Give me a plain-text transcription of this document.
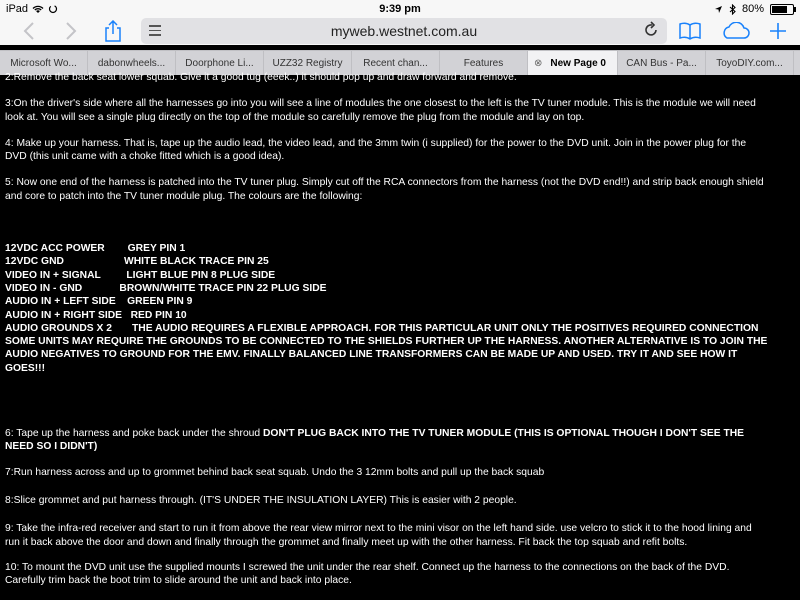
iPad	9:39 pm	80%
myweb.westnet.com.au
Microsoft Wo... dabonwheels... Doorphone Li... UZZ32 Registry Recent chan...	Features	⊗ New Page 0 CAN Bus - Pa... ToyoDIY.com...

2:Remove the back seat lower squab. Give it a good tug (eeek..) it should pop up and draw forward and remove.

3:On the driver's side where all the harnesses go into you will see a line of modules the one closest to the left is the TV tuner module. This is the module we will need

look at. You will see a single plug directly on the top of the module so carefully remove the plug from the module and lay on top.

4: Make up your harness. That is, tape up the audio lead, the video lead, and the 3mm twin (i supplied) for the power to the DVD unit. Join in the power plug for the

DVD (this unit came with a choke fitted which is a good idea).

5: Now one end of the harness is patched into the TV tuner plug. Simply cut off the RCA connectors from the harness (not the DVD end!!) and strip back enough shield

and core to patch into the TV tuner module plug. The colours are the following:

12VDC ACC POWER        GREY PIN 1

12VDC GND                     WHITE BLACK TRACE PIN 25

VIDEO IN + SIGNAL         LIGHT BLUE PIN 8 PLUG SIDE

VIDEO IN - GND             BROWN/WHITE TRACE PIN 22 PLUG SIDE

AUDIO IN + LEFT SIDE    GREEN PIN 9

AUDIO IN + RIGHT SIDE   RED PIN 10

AUDIO GROUNDS X 2       THE AUDIO REQUIRES A FLEXIBLE APPROACH. FOR THIS PARTICULAR UNIT ONLY THE POSITIVES REQUIRED CONNECTION

SOME UNITS MAY REQUIRE THE GROUNDS TO BE CONNECTED TO THE SHIELDS FURTHER UP THE HARNESS. ANOTHER ALTERNATIVE IS TO JOIN THE

AUDIO NEGATIVES TO GROUND FOR THE EMV. FINALLY BALANCED LINE TRANSFORMERS CAN BE MADE UP AND USED. TRY IT AND SEE HOW IT

GOES!!!

6: Tape up the harness and poke back under the shroud DON'T PLUG BACK INTO THE TV TUNER MODULE (THIS IS OPTIONAL THOUGH I DON'T SEE THE

NEED SO I DIDN'T)

7:Run harness across and up to grommet behind back seat squab. Undo the 3 12mm bolts and pull up the back squab

8:Slice grommet and put harness through. (IT'S UNDER THE INSULATION LAYER) This is easier with 2 people.

9: Take the infra-red receiver and start to run it from above the rear view mirror next to the mini visor on the left hand side. use velcro to stick it to the hood lining and

run it back above the door and down and finally through the grommet and finally meet up with the other harness. Fit back the top squab and refit bolts.

10: To mount the DVD unit use the supplied mounts I screwed the unit under the rear shelf. Connect up the harness to the connections on the back of the DVD.

Carefully trim back the boot trim to slide around the unit and back into place.
